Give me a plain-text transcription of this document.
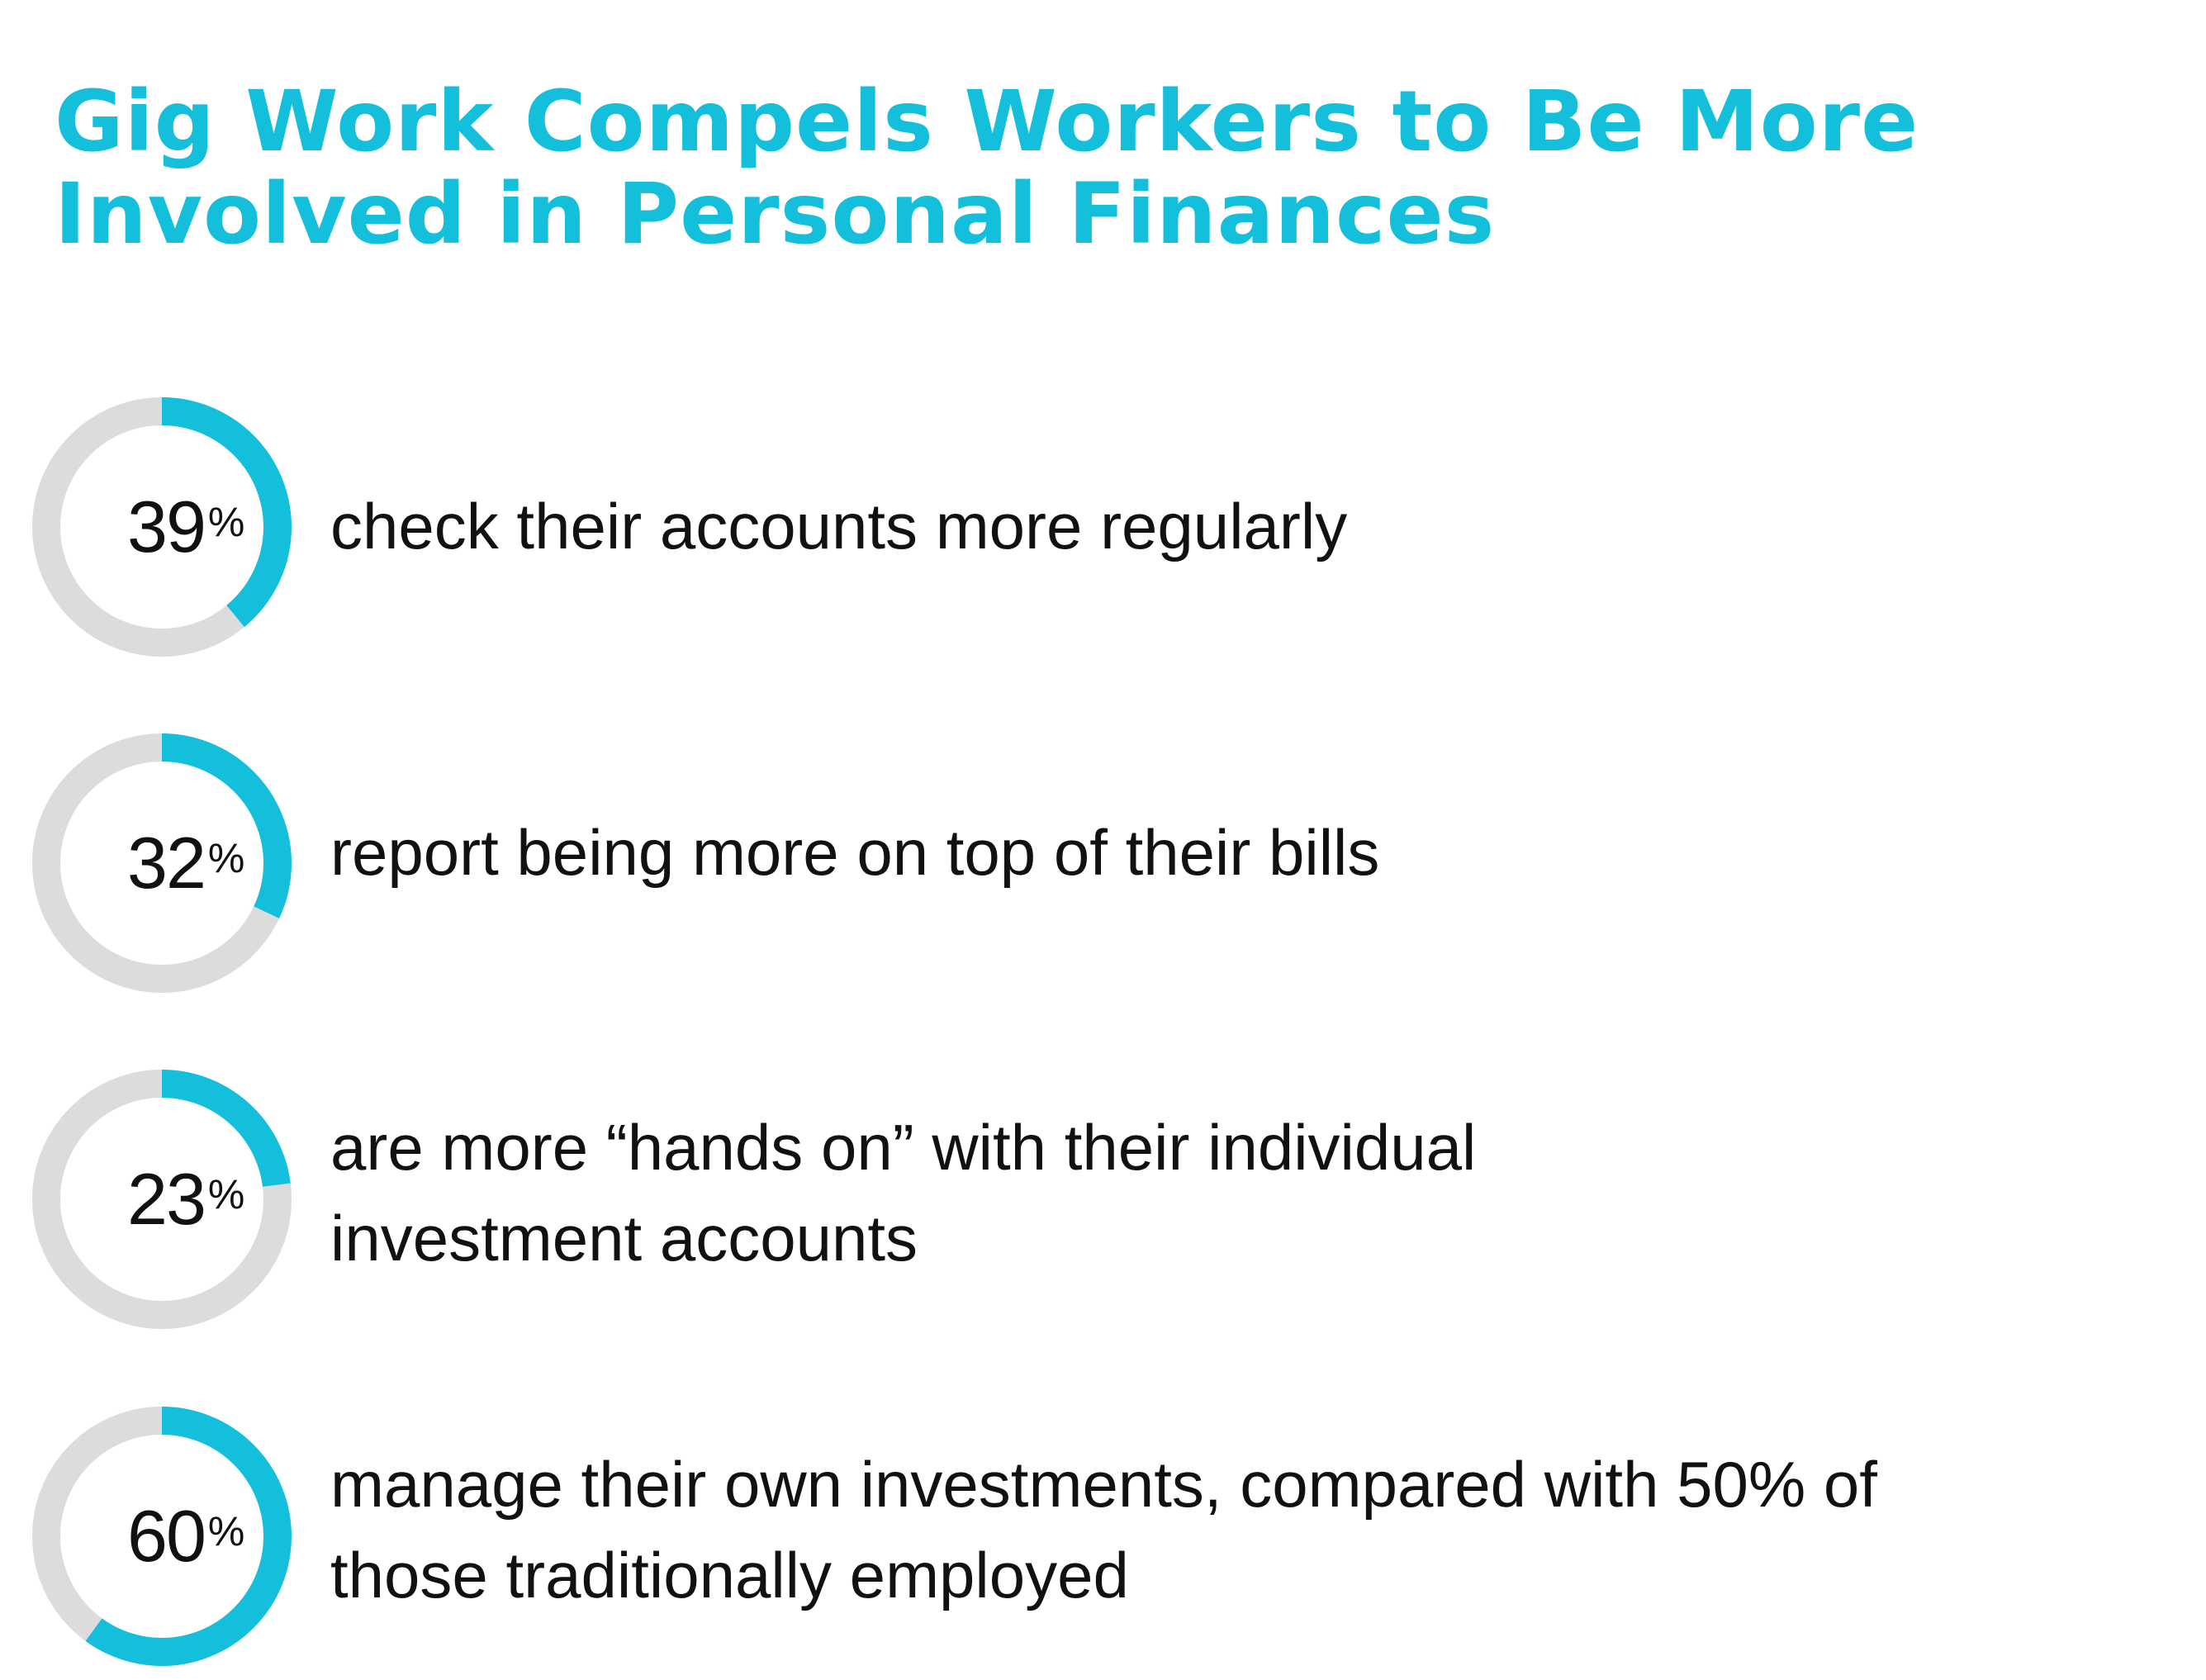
Gig Work Compels Workers to Be More
Involved in Personal Finances
39% check their accounts more regularly
32% report being more on top of their bills
23%
are more “hands on” with their individual
investment accounts
60%
manage their own investments, compared with 50% of
those traditionally employed
